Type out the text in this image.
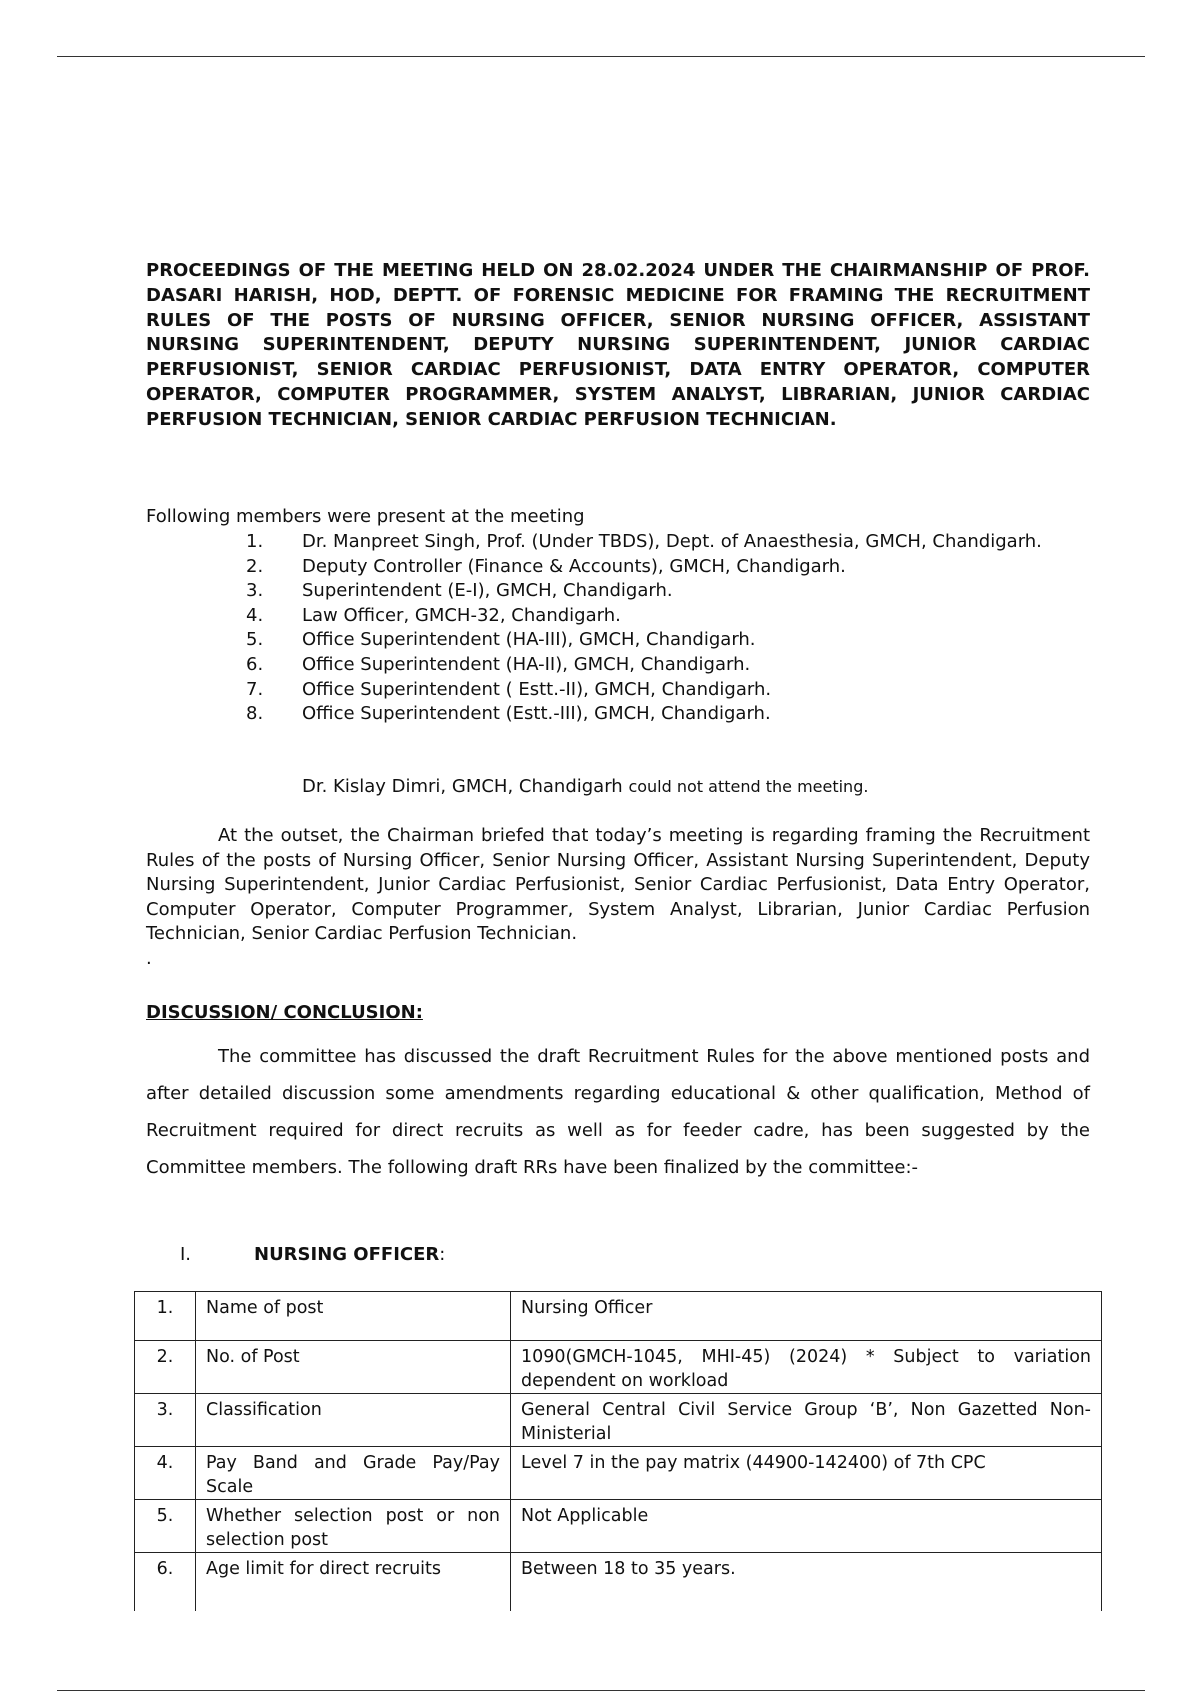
PROCEEDINGS OF THE MEETING HELD ON 28.02.2024 UNDER THE CHAIRMANSHIP OF PROF. DASARI HARISH, HOD, DEPTT. OF FORENSIC MEDICINE FOR FRAMING THE RECRUITMENT RULES OF THE POSTS OF NURSING OFFICER, SENIOR NURSING OFFICER, ASSISTANT NURSING SUPERINTENDENT, DEPUTY NURSING SUPERINTENDENT, JUNIOR CARDIAC PERFUSIONIST, SENIOR CARDIAC PERFUSIONIST, DATA ENTRY OPERATOR, COMPUTER OPERATOR, COMPUTER PROGRAMMER, SYSTEM ANALYST, LIBRARIAN, JUNIOR CARDIAC PERFUSION TECHNICIAN, SENIOR CARDIAC PERFUSION TECHNICIAN.
Following members were present at the meeting
1.	Dr. Manpreet Singh, Prof. (Under TBDS), Dept. of Anaesthesia, GMCH, Chandigarh.
2.	Deputy Controller (Finance & Accounts), GMCH, Chandigarh.
3.	Superintendent (E-I), GMCH, Chandigarh.
4.	Law Officer, GMCH-32, Chandigarh.
5.	Office Superintendent (HA-III), GMCH, Chandigarh.
6.	Office Superintendent (HA-II), GMCH, Chandigarh.
7.	Office Superintendent ( Estt.-II), GMCH, Chandigarh.
8.	Office Superintendent (Estt.-III), GMCH, Chandigarh.
Dr. Kislay Dimri, GMCH, Chandigarh could not attend the meeting.
At the outset, the Chairman briefed that today’s meeting is regarding framing the Recruitment Rules of the posts of Nursing Officer, Senior Nursing Officer, Assistant Nursing Superintendent, Deputy Nursing Superintendent, Junior Cardiac Perfusionist, Senior Cardiac Perfusionist, Data Entry Operator, Computer Operator, Computer Programmer, System Analyst, Librarian, Junior Cardiac Perfusion Technician, Senior Cardiac Perfusion Technician.
.
DISCUSSION/ CONCLUSION:
The committee has discussed the draft Recruitment Rules for the above mentioned posts and after detailed discussion some amendments regarding educational & other qualification, Method of Recruitment required for direct recruits as well as for feeder cadre, has been suggested by the Committee members. The following draft RRs have been finalized by the committee:-
I.	NURSING OFFICER:
1.	Name of post	Nursing Officer
2.	No. of Post	1090(GMCH-1045, MHI-45) (2024) * Subject to variation dependent on workload
3.	Classification	General Central Civil Service Group ‘B’, Non Gazetted Non-Ministerial
4.	Pay Band and Grade Pay/Pay Scale	Level 7 in the pay matrix (44900-142400) of 7th CPC
5.	Whether selection post or non selection post	Not Applicable
6.	Age limit for direct recruits	Between 18 to 35 years.
